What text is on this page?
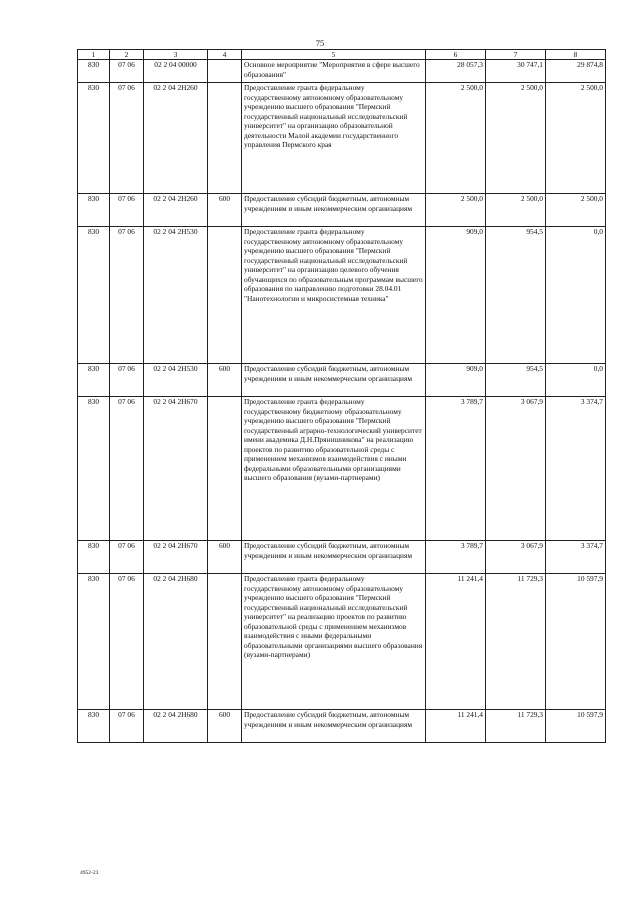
75
1	2	3	4	5	6	7	8
830	07 06	02 2 04 00000		Основное мероприятие "Мероприятия в сфере высшего образования"	28 057,3	30 747,1	29 874,8
830	07 06	02 2 04 2Н260		Предоставление гранта федеральному государственному автономному образовательному учреждению высшего образования "Пермский государственный национальный исследовательский университет" на организацию образовательной деятельности Малой академии государственного управления Пермского края	2 500,0	2 500,0	2 500,0
830	07 06	02 2 04 2Н260	600	Предоставление субсидий бюджетным, автономным учреждениям и иным некоммерческим организациям	2 500,0	2 500,0	2 500,0
830	07 06	02 2 04 2Н530		Предоставление гранта федеральному государственному автономному образовательному учреждению высшего образования "Пермский государственный национальный исследовательский университет" на организацию целевого обучения обучающихся по образовательным программам высшего образования по направлению подготовки 28.04.01 "Нанотехнологии и микросистемная техника"	909,0	954,5	0,0
830	07 06	02 2 04 2Н530	600	Предоставление субсидий бюджетным, автономным учреждениям и иным некоммерческим организациям	909,0	954,5	0,0
830	07 06	02 2 04 2Н670		Предоставление гранта федеральному государственному бюджетному образовательному учреждению высшего образования "Пермский государственный аграрно-технологический университет имени академика Д.Н.Прянишникова" на реализацию проектов по развитию образовательной среды с применением механизмов взаимодействия с иными федеральными образовательными организациями высшего образования (вузами-партнерами)	3 789,7	3 067,9	3 374,7
830	07 06	02 2 04 2Н670	600	Предоставление субсидий бюджетным, автономным учреждениям и иным некоммерческим организациям	3 789,7	3 067,9	3 374,7
830	07 06	02 2 04 2Н680		Предоставление гранта федеральному государственному автономному образовательному учреждению высшего образования "Пермский государственный национальный исследовательский университет" на реализацию проектов по развитию образовательной среды с применением механизмов взаимодействия с иными федеральными образовательными организациями высшего образования (вузами-партнерами)	11 241,4	11 729,3	10 597,9
830	07 06	02 2 04 2Н680	600	Предоставление субсидий бюджетным, автономным учреждениям и иным некоммерческим организациям	11 241,4	11 729,3	10 597,9
4952-23
